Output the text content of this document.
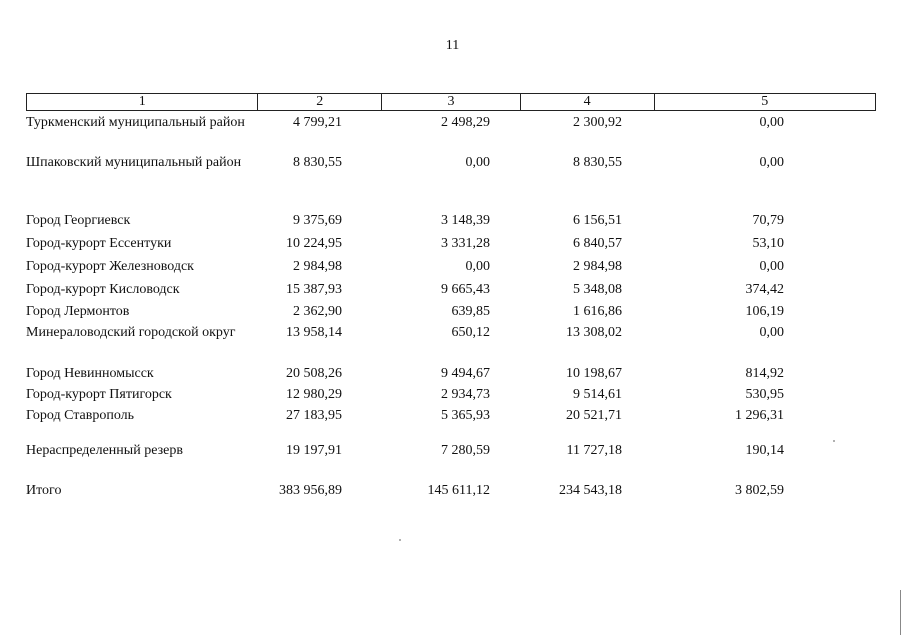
11
1	2	3	4	5
Туркменский муниципальный район	4 799,21	2 498,29	2 300,92	0,00
Шпаковский муниципальный район	8 830,55	0,00	8 830,55	0,00
Город Георгиевск	9 375,69	3 148,39	6 156,51	70,79
Город-курорт Ессентуки	10 224,95	3 331,28	6 840,57	53,10
Город-курорт Железноводск	2 984,98	0,00	2 984,98	0,00
Город-курорт Кисловодск	15 387,93	9 665,43	5 348,08	374,42
Город Лермонтов	2 362,90	639,85	1 616,86	106,19
Минераловодский городской округ	13 958,14	650,12	13 308,02	0,00
Город Невинномысск	20 508,26	9 494,67	10 198,67	814,92
Город-курорт Пятигорск	12 980,29	2 934,73	9 514,61	530,95
Город Ставрополь	27 183,95	5 365,93	20 521,71	1 296,31
Нераспределенный резерв	19 197,91	7 280,59	11 727,18	190,14
Итого	383 956,89	145 611,12	234 543,18	3 802,59
